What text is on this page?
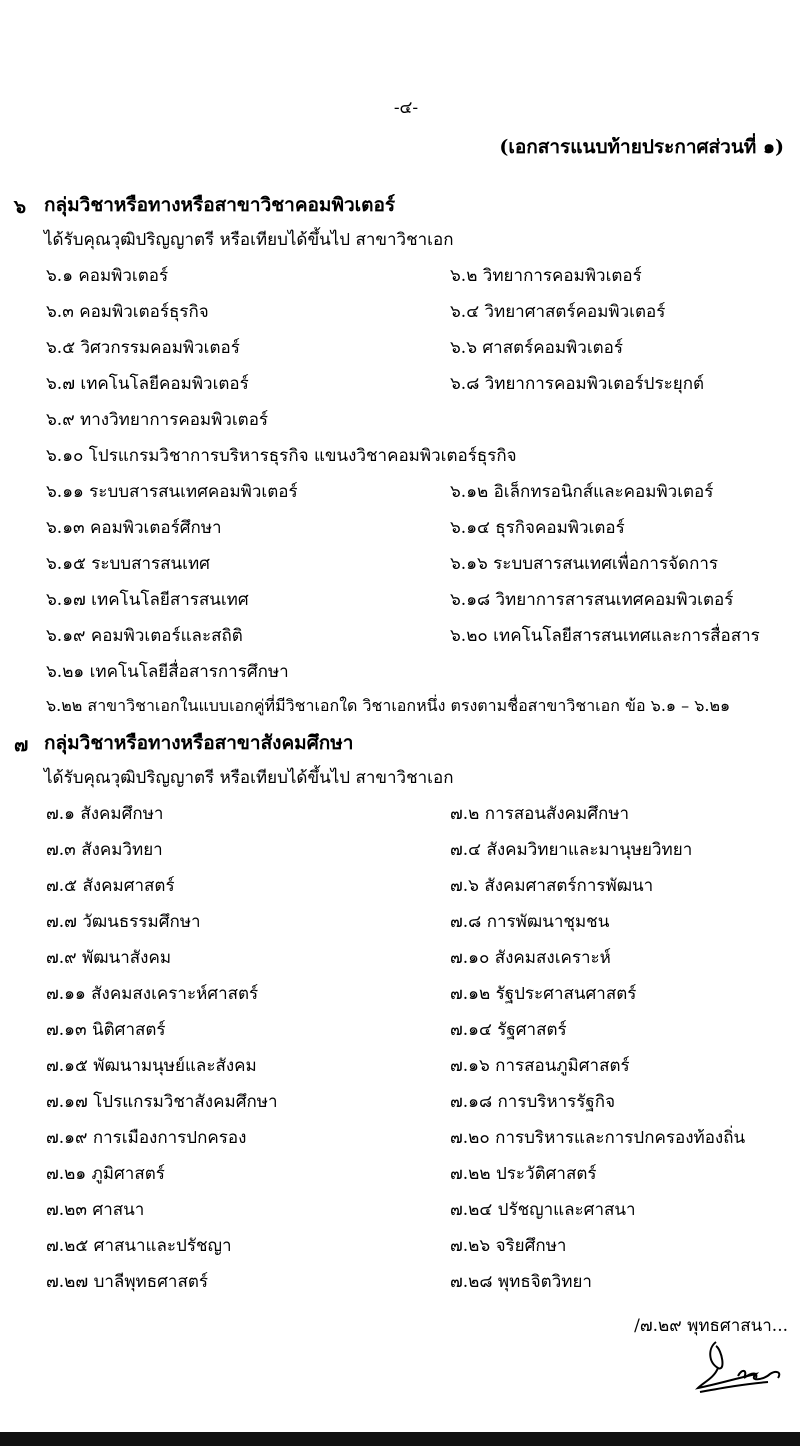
-๔-
(เอกสารแนบท้ายประกาศส่วนที่ ๑)
๖ กลุ่มวิชาหรือทางหรือสาขาวิชาคอมพิวเตอร์
ได้รับคุณวุฒิปริญญาตรี หรือเทียบได้ขึ้นไป สาขาวิชาเอก
๖.๑ คอมพิวเตอร์	๖.๒ วิทยาการคอมพิวเตอร์
๖.๓ คอมพิวเตอร์ธุรกิจ	๖.๔ วิทยาศาสตร์คอมพิวเตอร์
๖.๕ วิศวกรรมคอมพิวเตอร์	๖.๖ ศาสตร์คอมพิวเตอร์
๖.๗ เทคโนโลยีคอมพิวเตอร์	๖.๘ วิทยาการคอมพิวเตอร์ประยุกต์
๖.๙ ทางวิทยาการคอมพิวเตอร์
๖.๑๐ โปรแกรมวิชาการบริหารธุรกิจ แขนงวิชาคอมพิวเตอร์ธุรกิจ
๖.๑๑ ระบบสารสนเทศคอมพิวเตอร์	๖.๑๒ อิเล็กทรอนิกส์และคอมพิวเตอร์
๖.๑๓ คอมพิวเตอร์ศึกษา	๖.๑๔ ธุรกิจคอมพิวเตอร์
๖.๑๕ ระบบสารสนเทศ	๖.๑๖ ระบบสารสนเทศเพื่อการจัดการ
๖.๑๗ เทคโนโลยีสารสนเทศ	๖.๑๘ วิทยาการสารสนเทศคอมพิวเตอร์
๖.๑๙ คอมพิวเตอร์และสถิติ	๖.๒๐ เทคโนโลยีสารสนเทศและการสื่อสาร
๖.๒๑ เทคโนโลยีสื่อสารการศึกษา
๖.๒๒ สาขาวิชาเอกในแบบเอกคู่ที่มีวิชาเอกใด วิชาเอกหนึ่ง ตรงตามชื่อสาขาวิชาเอก ข้อ ๖.๑ – ๖.๒๑
๗ กลุ่มวิชาหรือทางหรือสาขาสังคมศึกษา
ได้รับคุณวุฒิปริญญาตรี หรือเทียบได้ขึ้นไป สาขาวิชาเอก
๗.๑ สังคมศึกษา	๗.๒ การสอนสังคมศึกษา
๗.๓ สังคมวิทยา	๗.๔ สังคมวิทยาและมานุษยวิทยา
๗.๕ สังคมศาสตร์	๗.๖ สังคมศาสตร์การพัฒนา
๗.๗ วัฒนธรรมศึกษา	๗.๘ การพัฒนาชุมชน
๗.๙ พัฒนาสังคม	๗.๑๐ สังคมสงเคราะห์
๗.๑๑ สังคมสงเคราะห์ศาสตร์	๗.๑๒ รัฐประศาสนศาสตร์
๗.๑๓ นิติศาสตร์	๗.๑๔ รัฐศาสตร์
๗.๑๕ พัฒนามนุษย์และสังคม	๗.๑๖ การสอนภูมิศาสตร์
๗.๑๗ โปรแกรมวิชาสังคมศึกษา	๗.๑๘ การบริหารรัฐกิจ
๗.๑๙ การเมืองการปกครอง	๗.๒๐ การบริหารและการปกครองท้องถิ่น
๗.๒๑ ภูมิศาสตร์	๗.๒๒ ประวัติศาสตร์
๗.๒๓ ศาสนา	๗.๒๔ ปรัชญาและศาสนา
๗.๒๕ ศาสนาและปรัชญา	๗.๒๖ จริยศึกษา
๗.๒๗ บาลีพุทธศาสตร์	๗.๒๘ พุทธจิตวิทยา
/๗.๒๙ พุทธศาสนา...
